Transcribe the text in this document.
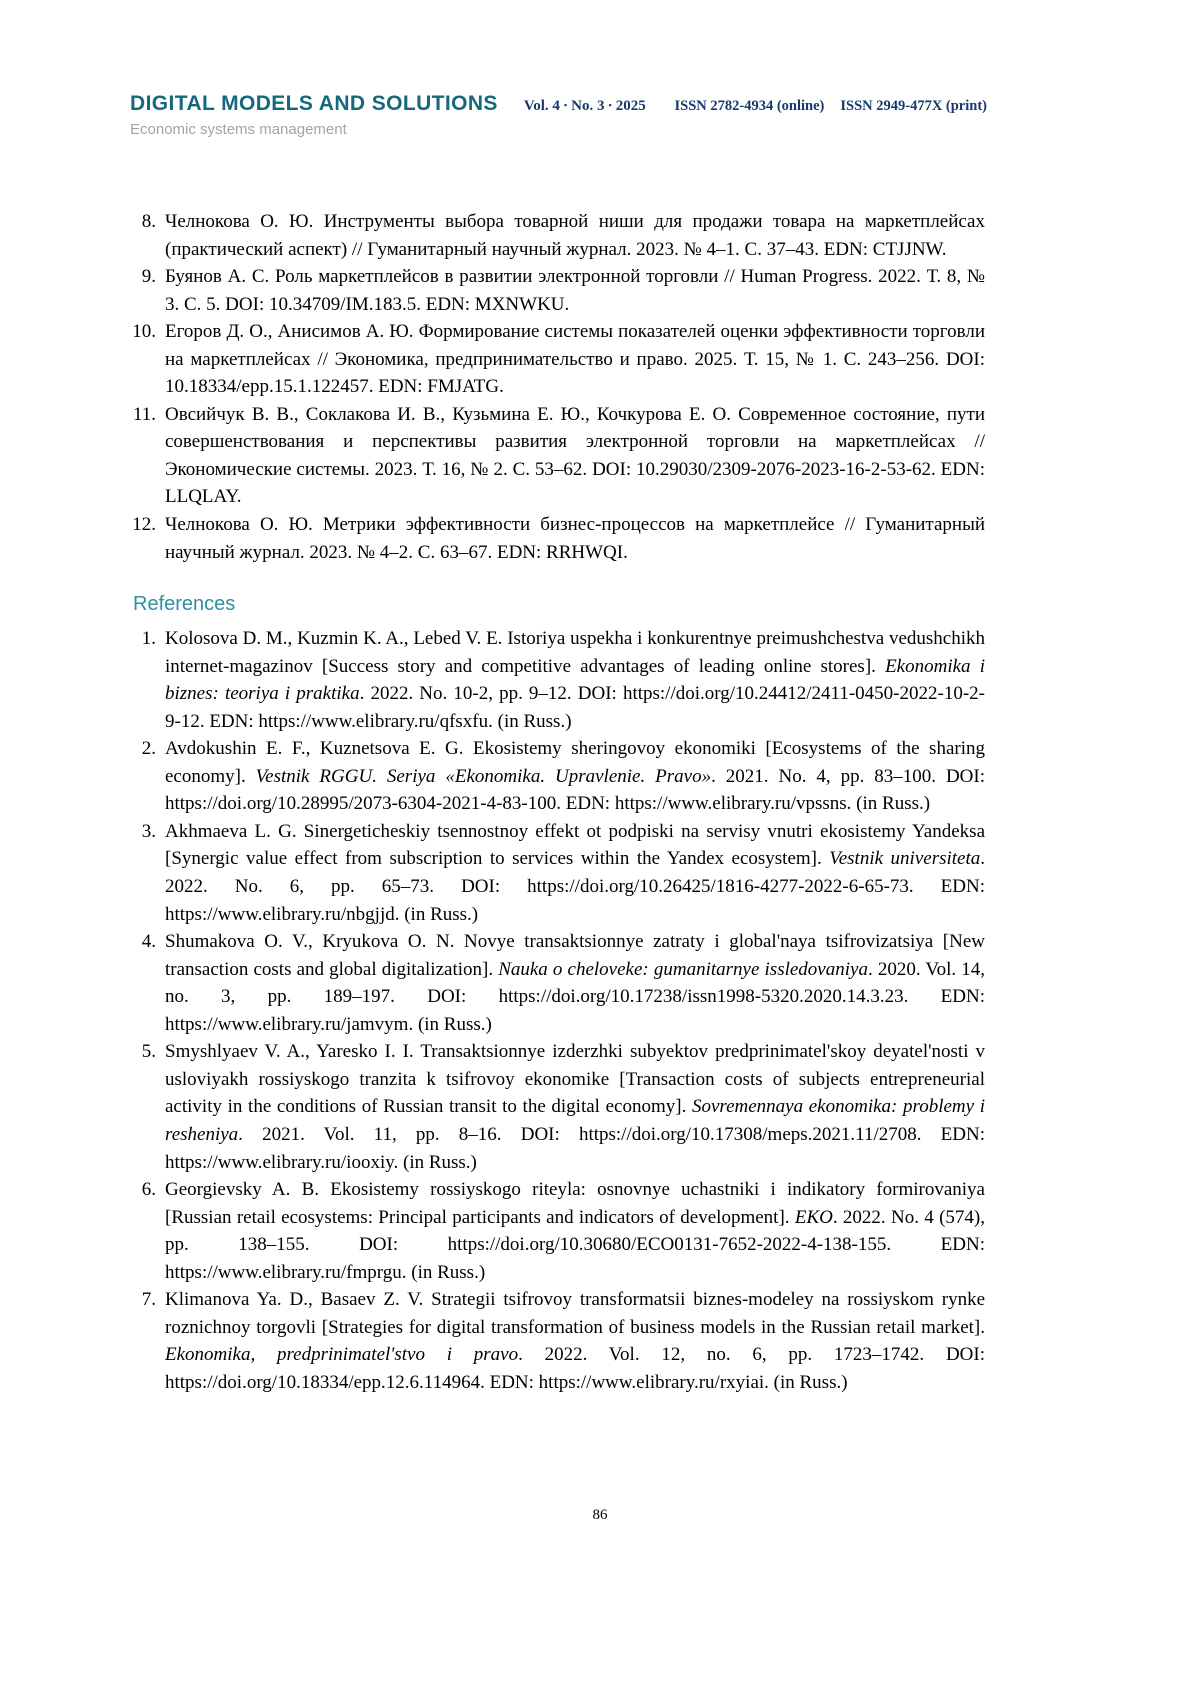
DIGITAL MODELS AND SOLUTIONS Vol. 4 ∙ No. 3 ∙ 2025 ISSN 2782-4934 (online) ISSN 2949-477X (print)
Economic systems management
8. Челнокова О. Ю. Инструменты выбора товарной ниши для продажи товара на маркетплейсах (практический аспект) // Гуманитарный научный журнал. 2023. № 4–1. С. 37–43. EDN: CTJJNW.
9. Буянов А. С. Роль маркетплейсов в развитии электронной торговли // Human Progress. 2022. Т. 8, № 3. С. 5. DOI: 10.34709/IM.183.5. EDN: MXNWKU.
10. Егоров Д. О., Анисимов А. Ю. Формирование системы показателей оценки эффективности торговли на маркетплейсах // Экономика, предпринимательство и право. 2025. Т. 15, № 1. С. 243–256. DOI: 10.18334/epp.15.1.122457. EDN: FMJATG.
11. Овсийчук В. В., Соклакова И. В., Кузьмина Е. Ю., Кочкурова Е. О. Современное состояние, пути совершенствования и перспективы развития электронной торговли на маркетплейсах // Экономические системы. 2023. Т. 16, № 2. С. 53–62. DOI: 10.29030/2309-2076-2023-16-2-53-62. EDN: LLQLAY.
12. Челнокова О. Ю. Метрики эффективности бизнес-процессов на маркетплейсе // Гуманитарный научный журнал. 2023. № 4–2. С. 63–67. EDN: RRHWQI.
References
1. Kolosova D. M., Kuzmin K. A., Lebed V. E. Istoriya uspekha i konkurentnye preimushchestva vedushchikh internet-magazinov [Success story and competitive advantages of leading online stores]. Ekonomika i biznes: teoriya i praktika. 2022. No. 10-2, pp. 9–12. DOI: https://doi.org/10.24412/2411-0450-2022-10-2-9-12. EDN: https://www.elibrary.ru/qfsxfu. (in Russ.)
2. Avdokushin E. F., Kuznetsova E. G. Ekosistemy sheringovoy ekonomiki [Ecosystems of the sharing economy]. Vestnik RGGU. Seriya «Ekonomika. Upravlenie. Pravo». 2021. No. 4, pp. 83–100. DOI: https://doi.org/10.28995/2073-6304-2021-4-83-100. EDN: https://www.elibrary.ru/vpssns. (in Russ.)
3. Akhmaeva L. G. Sinergeticheskiy tsennostnoy effekt ot podpiski na servisy vnutri ekosistemy Yandeksa [Synergic value effect from subscription to services within the Yandex ecosystem]. Vestnik universiteta. 2022. No. 6, pp. 65–73. DOI: https://doi.org/10.26425/1816-4277-2022-6-65-73. EDN: https://www.elibrary.ru/nbgjjd. (in Russ.)
4. Shumakova O. V., Kryukova O. N. Novye transaktsionnye zatraty i global'naya tsifrovizatsiya [New transaction costs and global digitalization]. Nauka o cheloveke: gumanitarnye issledovaniya. 2020. Vol. 14, no. 3, pp. 189–197. DOI: https://doi.org/10.17238/issn1998-5320.2020.14.3.23. EDN: https://www.elibrary.ru/jamvym. (in Russ.)
5. Smyshlyaev V. A., Yaresko I. I. Transaktsionnye izderzhki subyektov predprinimatel'skoy deyatel'nosti v usloviyakh rossiyskogo tranzita k tsifrovoy ekonomike [Transaction costs of subjects entrepreneurial activity in the conditions of Russian transit to the digital economy]. Sovremennaya ekonomika: problemy i resheniya. 2021. Vol. 11, pp. 8–16. DOI: https://doi.org/10.17308/meps.2021.11/2708. EDN: https://www.elibrary.ru/iooxiy. (in Russ.)
6. Georgievsky A. B. Ekosistemy rossiyskogo riteyla: osnovnye uchastniki i indikatory formirovaniya [Russian retail ecosystems: Principal participants and indicators of development]. EKO. 2022. No. 4 (574), pp. 138–155. DOI: https://doi.org/10.30680/ECO0131-7652-2022-4-138-155. EDN: https://www.elibrary.ru/fmprgu. (in Russ.)
7. Klimanova Ya. D., Basaev Z. V. Strategii tsifrovoy transformatsii biznes-modeley na rossiyskom rynke roznichnoy torgovli [Strategies for digital transformation of business models in the Russian retail market]. Ekonomika, predprinimatel'stvo i pravo. 2022. Vol. 12, no. 6, pp. 1723–1742. DOI: https://doi.org/10.18334/epp.12.6.114964. EDN: https://www.elibrary.ru/rxyiai. (in Russ.)
86
